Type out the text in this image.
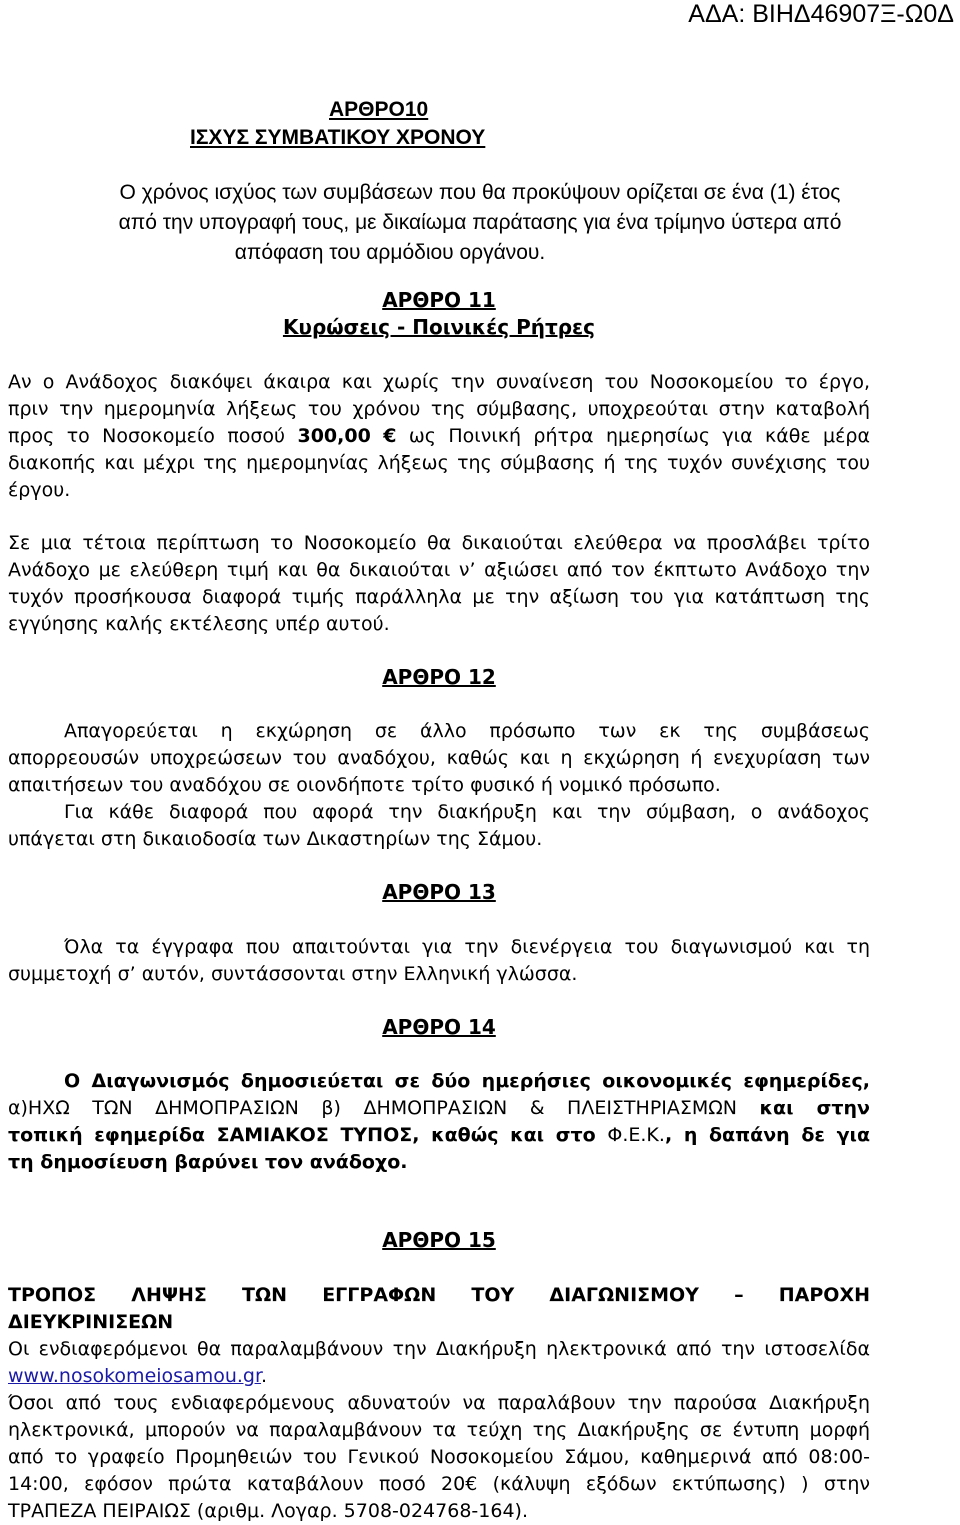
ΑΔΑ: ΒΙΗΔ46907Ξ-Ω0Δ
ΑΡΘΡΟ10
ΙΣΧΥΣ ΣΥΜΒΑΤΙΚΟΥ ΧΡΟΝΟΥ
Ο χρόνος ισχύος των συμβάσεων που θα προκύψουν ορίζεται σε ένα (1) έτος
από την υπογραφή τους, με δικαίωμα παράτασης για ένα τρίμηνο ύστερα από
απόφαση του αρμόδιου οργάνου.
ΑΡΘΡΟ 11
Κυρώσεις - Ποινικές Ρήτρες
Αν ο Ανάδοχος διακόψει άκαιρα και χωρίς την συναίνεση του Νοσοκομείου το έργο,
πριν την ημερομηνία λήξεως του χρόνου της σύμβασης, υποχρεούται στην καταβολή
προς το Νοσοκομείο ποσού 300,00 € ως Ποινική ρήτρα ημερησίως για κάθε μέρα
διακοπής και μέχρι της ημερομηνίας λήξεως της σύμβασης ή της τυχόν συνέχισης του
έργου.
Σε μια τέτοια περίπτωση το Νοσοκομείο θα δικαιούται ελεύθερα να προσλάβει τρίτο
Ανάδοχο με ελεύθερη τιμή και θα δικαιούται ν’ αξιώσει από τον έκπτωτο Ανάδοχο την
τυχόν προσήκουσα διαφορά τιμής παράλληλα με την αξίωση του για κατάπτωση της
εγγύησης καλής εκτέλεσης υπέρ αυτού.
ΑΡΘΡΟ 12
Απαγορεύεται η εκχώρηση σε άλλο πρόσωπο των εκ της συμβάσεως
απορρεουσών υποχρεώσεων του αναδόχου, καθώς και η εκχώρηση ή ενεχυρίαση των
απαιτήσεων του αναδόχου σε οιονδήποτε τρίτο φυσικό ή νομικό πρόσωπο.
Για κάθε διαφορά που αφορά την διακήρυξη και την σύμβαση, ο ανάδοχος
υπάγεται στη δικαιοδοσία των Δικαστηρίων της Σάμου.
ΑΡΘΡΟ 13
Όλα τα έγγραφα που απαιτούνται για την διενέργεια του διαγωνισμού και τη
συμμετοχή σ’ αυτόν, συντάσσονται στην Ελληνική γλώσσα.
ΑΡΘΡΟ 14
Ο Διαγωνισμός δημοσιεύεται σε δύο ημερήσιες οικονομικές εφημερίδες,
α)ΗΧΩ ΤΩΝ ΔΗΜΟΠΡΑΣΙΩΝ β) ΔΗΜΟΠΡΑΣΙΩΝ & ΠΛΕΙΣΤΗΡΙΑΣΜΩΝ και στην
τοπική εφημερίδα ΣΑΜΙΑΚΟΣ ΤΥΠΟΣ, καθώς και στο Φ.Ε.Κ., η δαπάνη δε για
τη δημοσίευση βαρύνει τον ανάδοχο.
ΑΡΘΡΟ 15
ΤΡΟΠΟΣ ΛΗΨΗΣ ΤΩΝ ΕΓΓΡΑΦΩΝ ΤΟΥ ΔΙΑΓΩΝΙΣΜΟΥ – ΠΑΡΟΧΗ
ΔΙΕΥΚΡΙΝΙΣΕΩΝ
Οι ενδιαφερόμενοι θα παραλαμβάνουν την Διακήρυξη ηλεκτρονικά από την ιστοσελίδα
www.nosokomeiosamou.gr.
Όσοι από τους ενδιαφερόμενους αδυνατούν να παραλάβουν την παρούσα Διακήρυξη
ηλεκτρονικά, μπορούν να παραλαμβάνουν τα τεύχη της Διακήρυξης σε έντυπη μορφή
από το γραφείο Προμηθειών του Γενικού Νοσοκομείου Σάμου, καθημερινά από 08:00-
14:00, εφόσον πρώτα καταβάλουν ποσό 20€ (κάλυψη εξόδων εκτύπωσης) ) στην
ΤΡΑΠΕΖΑ ΠΕΙΡΑΙΩΣ (αριθμ. Λογαρ. 5708-024768-164).
